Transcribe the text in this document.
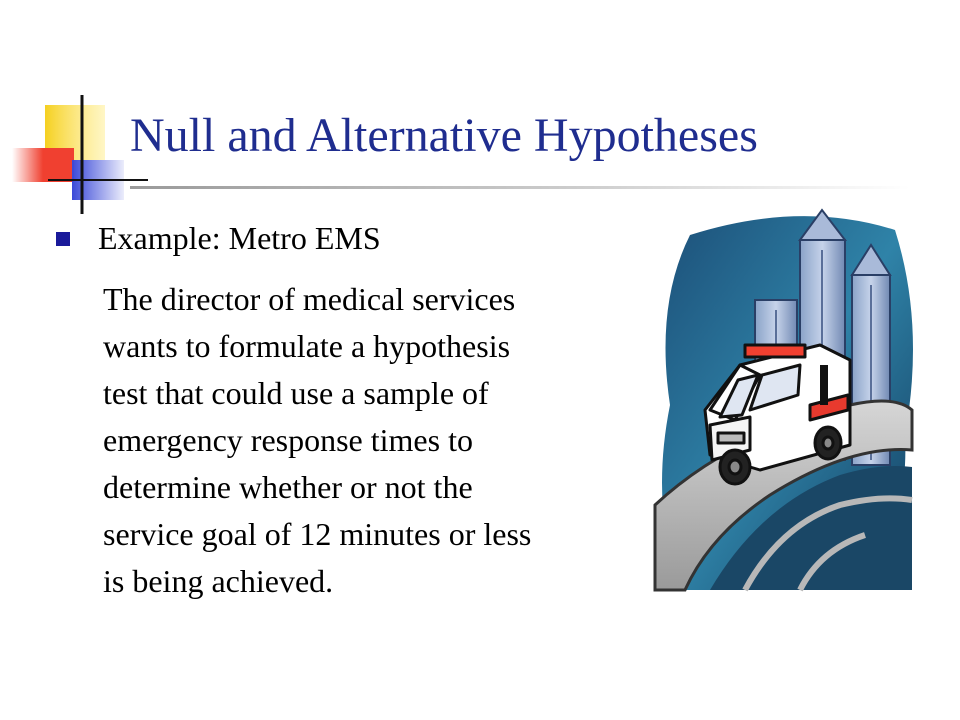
Null and Alternative Hypotheses
Example: Metro EMS
The director of medical services
wants to formulate a hypothesis
test that could use a sample of
emergency response times to
determine whether or not the
service goal of 12 minutes or less
is being achieved.
